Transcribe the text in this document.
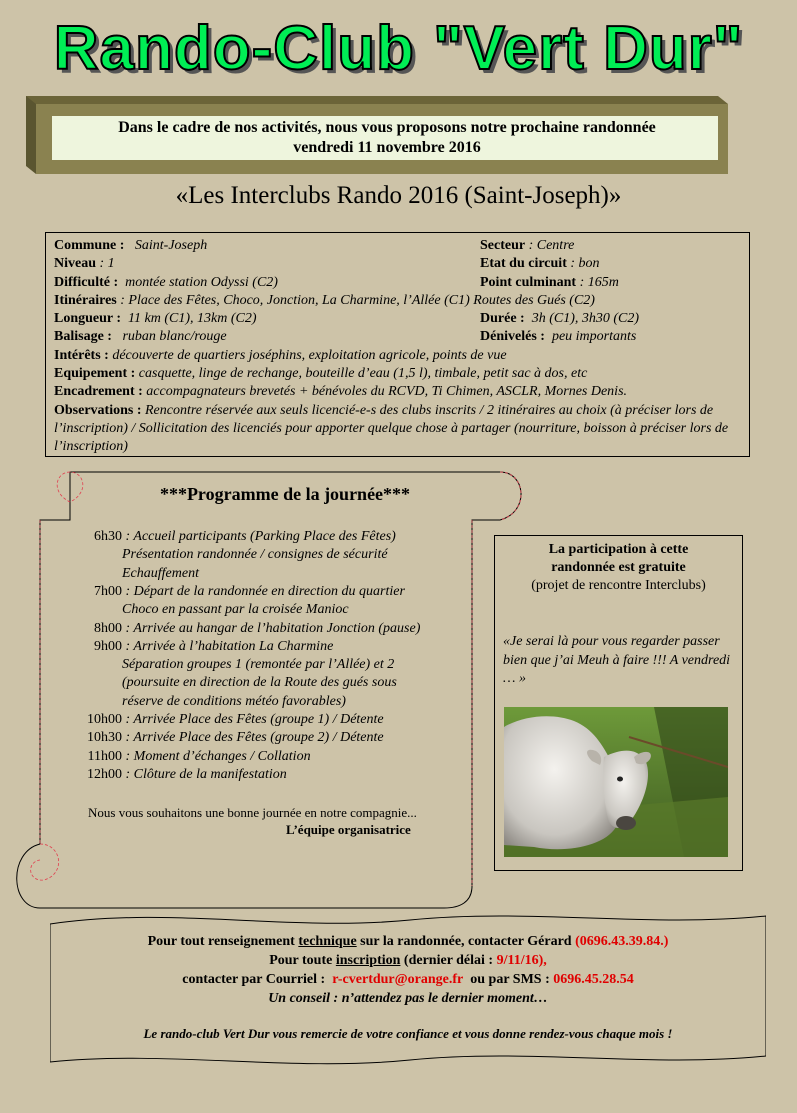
Rando-Club "Vert Dur"
Dans le cadre de nos activités, nous vous proposons notre prochaine randonnée
vendredi 11 novembre 2016
«Les Interclubs Rando 2016 (Saint-Joseph)»
Commune : Saint-Joseph	Secteur : Centre
Niveau : 1	Etat du circuit : bon
Difficulté : montée station Odyssi (C2)	Point culminant : 165m
Itinéraires : Place des Fêtes, Choco, Jonction, La Charmine, l’Allée (C1) Routes des Gués (C2)
Longueur : 11 km (C1), 13km (C2)	Durée : 3h (C1), 3h30 (C2)
Balisage : ruban blanc/rouge	Dénivelés : peu importants
Intérêts : découverte de quartiers joséphins, exploitation agricole, points de vue
Equipement : casquette, linge de rechange, bouteille d’eau (1,5 l), timbale, petit sac à dos, etc
Encadrement : accompagnateurs brevetés + bénévoles du RCVD, Ti Chimen, ASCLR, Mornes Denis.
Observations : Rencontre réservée aux seuls licencié-e-s des clubs inscrits / 2 itinéraires au choix (à préciser lors de l’inscription) / Sollicitation des licenciés pour apporter quelque chose à partager (nourriture, boisson à préciser lors de l’inscription)
***Programme de la journée***
6h30 : Accueil participants (Parking Place des Fêtes)
Présentation randonnée / consignes de sécurité
Echauffement
7h00 : Départ de la randonnée en direction du quartier
Choco en passant par la croisée Manioc
8h00 : Arrivée au hangar de l’habitation Jonction (pause)
9h00 : Arrivée à l’habitation La Charmine
Séparation groupes 1 (remontée par l’Allée) et 2
(poursuite en direction de la Route des gués sous
réserve de conditions météo favorables)
10h00 : Arrivée Place des Fêtes (groupe 1) / Détente
10h30 : Arrivée Place des Fêtes (groupe 2) / Détente
11h00 : Moment d’échanges / Collation
12h00 : Clôture de la manifestation
Nous vous souhaitons une bonne journée en notre compagnie...
L’équipe organisatrice
La participation à cette
randonnée est gratuite
(projet de rencontre Interclubs)
«Je serai là pour vous regarder passer bien que j’ai Meuh à faire !!! A vendredi … »
Pour tout renseignement technique sur la randonnée, contacter Gérard (0696.43.39.84.)
Pour toute inscription (dernier délai : 9/11/16),
contacter par Courriel : r-cvertdur@orange.fr ou par SMS : 0696.45.28.54
Un conseil : n’attendez pas le dernier moment…
Le rando-club Vert Dur vous remercie de votre confiance et vous donne rendez-vous chaque mois !
